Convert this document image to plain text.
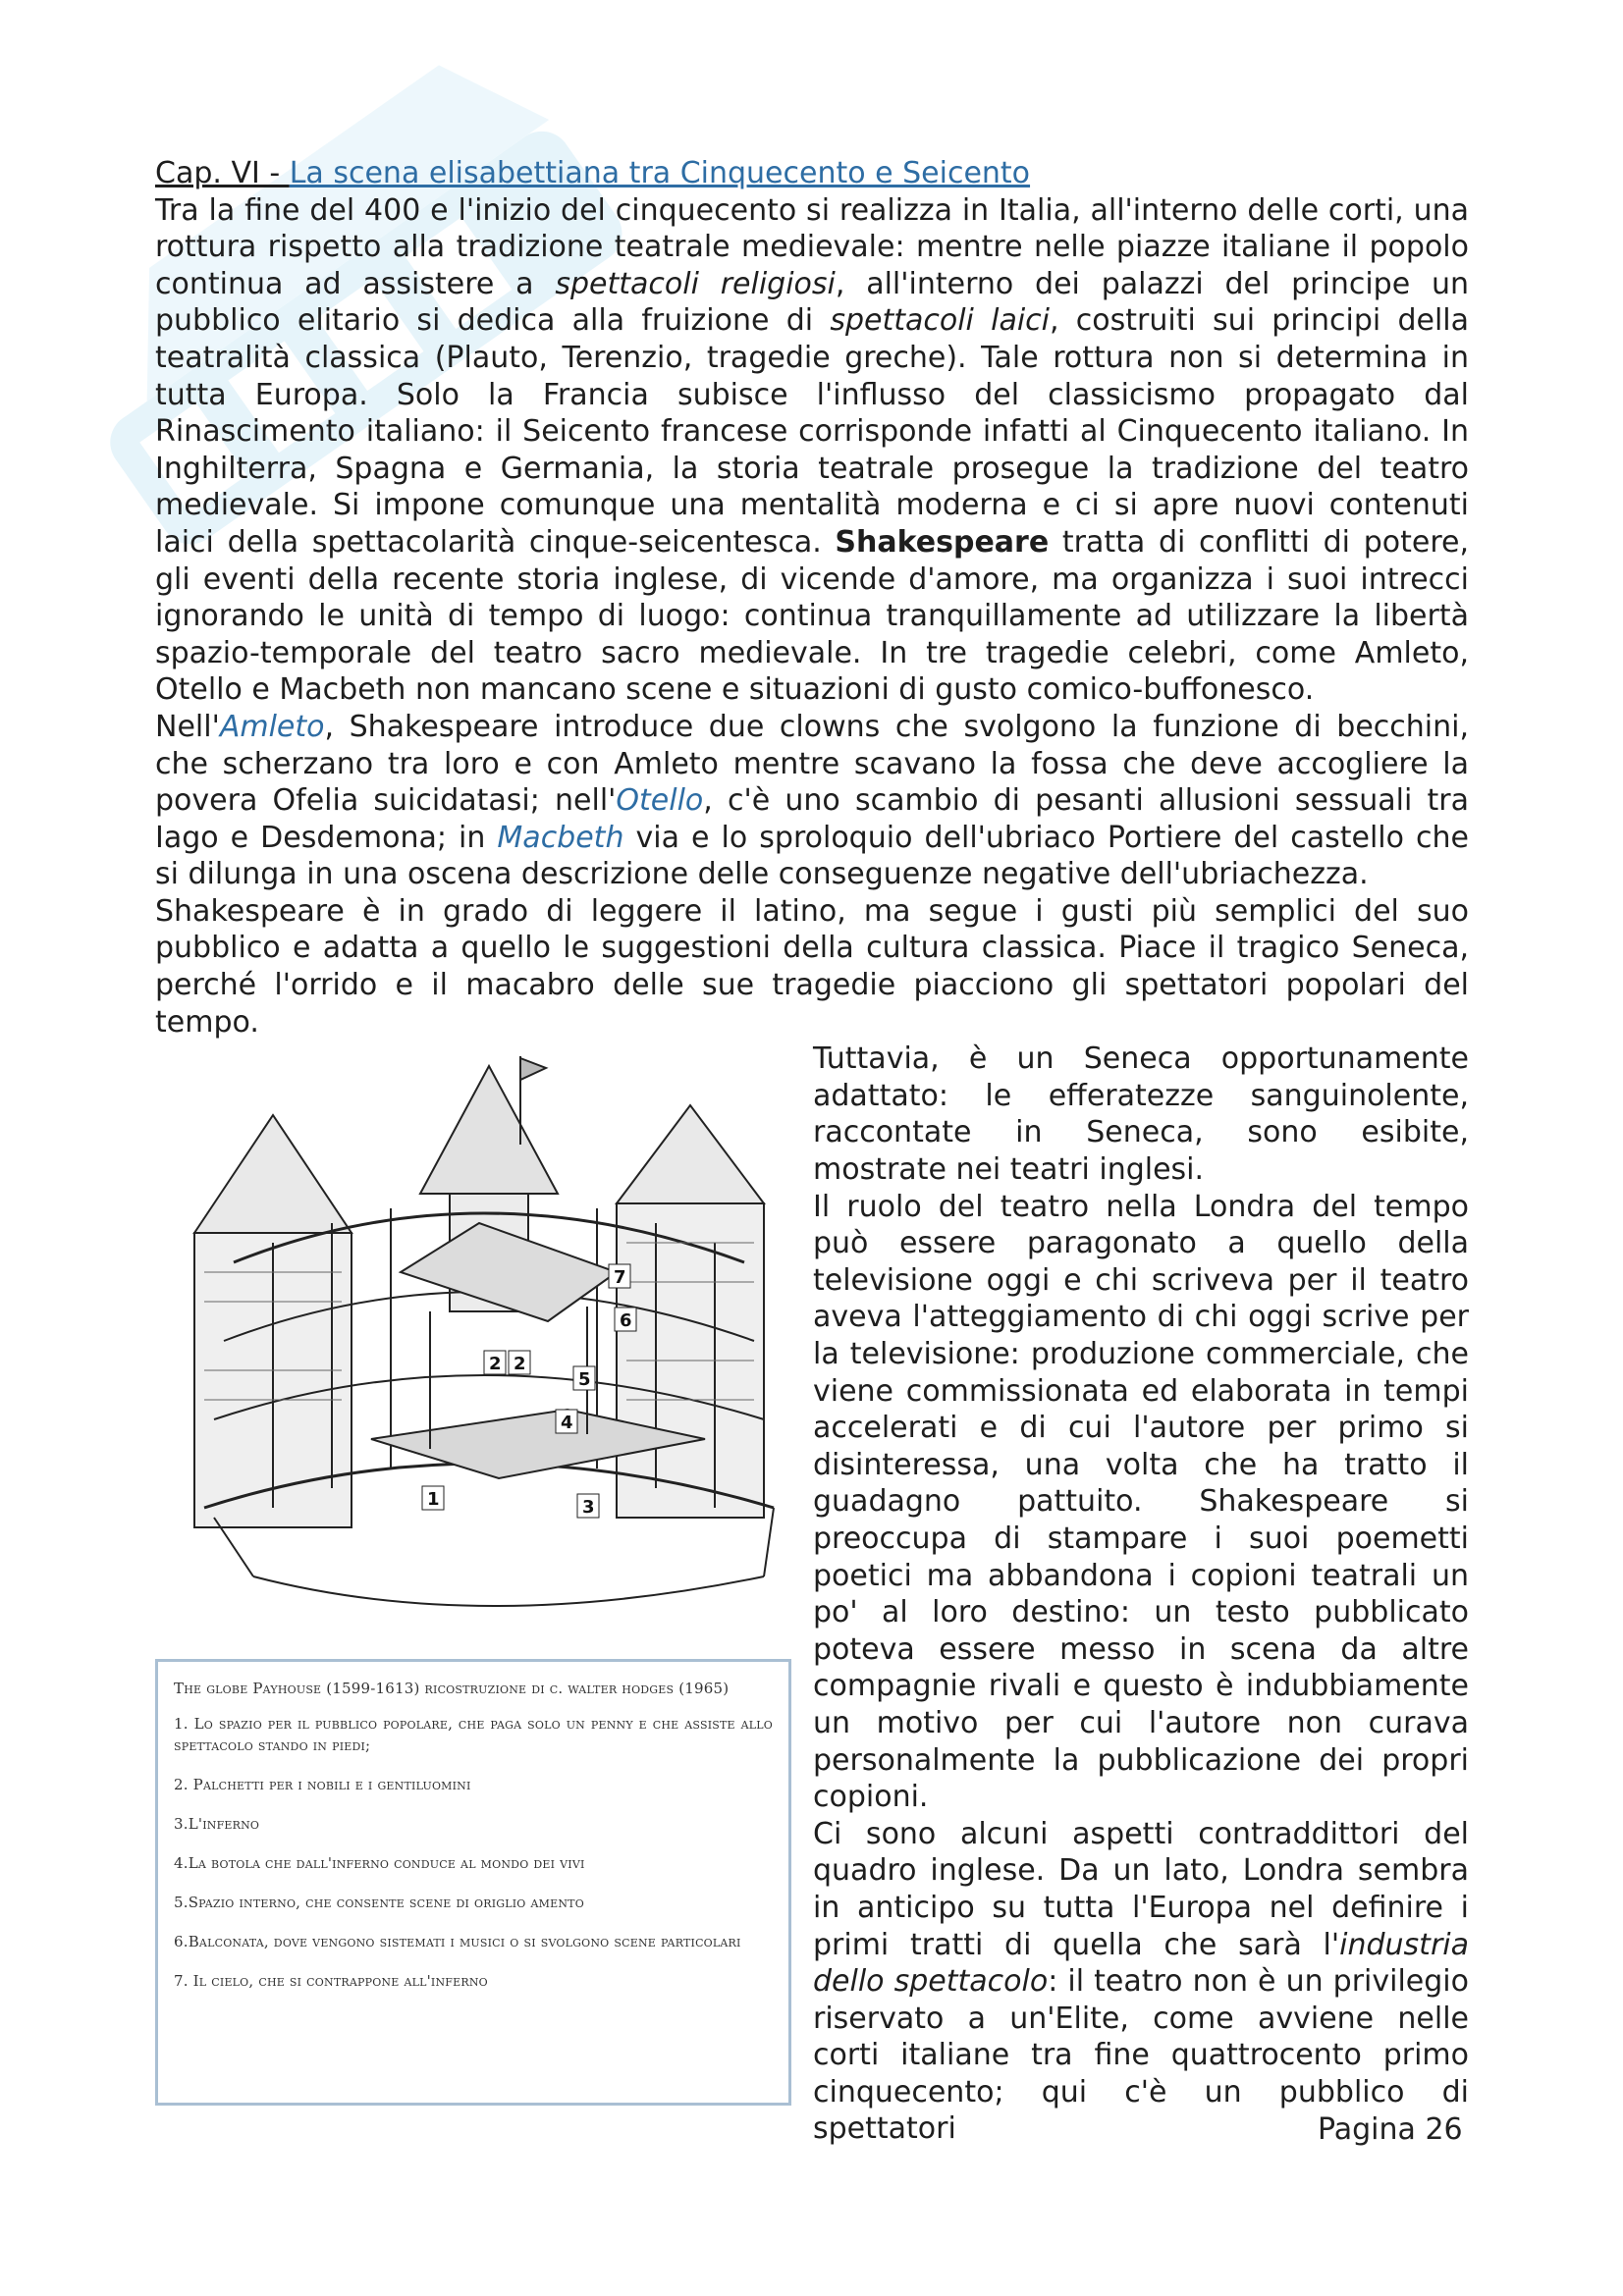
Cap. VI - La scena elisabettiana tra Cinquecento e Seicento

Tra la fine del 400 e l'inizio del cinquecento si realizza in Italia, all'interno delle corti, una rottura rispetto alla tradizione teatrale medievale: mentre nelle piazze italiane il popolo continua ad assistere a spettacoli religiosi, all'interno dei palazzi del principe un pubblico elitario si dedica alla fruizione di spettacoli laici, costruiti sui principi della teatralità classica (Plauto, Terenzio, tragedie greche). Tale rottura non si determina in tutta Europa. Solo la Francia subisce l'influsso del classicismo propagato dal Rinascimento italiano: il Seicento francese corrisponde infatti al Cinquecento italiano. In Inghilterra, Spagna e Germania, la storia teatrale prosegue la tradizione del teatro medievale. Si impone comunque una mentalità moderna e ci si apre nuovi contenuti laici della spettacolarità cinque-seicentesca. Shakespeare tratta di conflitti di potere, gli eventi della recente storia inglese, di vicende d'amore, ma organizza i suoi intrecci ignorando le unità di tempo di luogo: continua tranquillamente ad utilizzare la libertà spazio-temporale del teatro sacro medievale. In tre tragedie celebri, come Amleto, Otello e Macbeth non mancano scene e situazioni di gusto comico-buffonesco.

Nell'Amleto, Shakespeare introduce due clowns che svolgono la funzione di becchini, che scherzano tra loro e con Amleto mentre scavano la fossa che deve accogliere la povera Ofelia suicidatasi; nell'Otello, c'è uno scambio di pesanti allusioni sessuali tra Iago e Desdemona; in Macbeth via e lo sproloquio dell'ubriaco Portiere del castello che si dilunga in una oscena descrizione delle conseguenze negative dell'ubriachezza.

Shakespeare è in grado di leggere il latino, ma segue i gusti più semplici del suo pubblico e adatta a quello le suggestioni della cultura classica. Piace il tragico Seneca, perché l'orrido e il macabro delle sue tragedie piacciono gli spettatori popolari del tempo.

1
2 2
3
4
5
6
7

The globe Payhouse (1599-1613) ricostruzione di c. walter hodges (1965)

1. Lo spazio per il pubblico popolare, che paga solo un penny e che assiste allo spettacolo stando in piedi;

2. Palchetti per i nobili e i gentiluomini

3.L'inferno

4.La botola che dall'inferno conduce al mondo dei vivi

5.Spazio interno, che consente scene di origlio amento

6.Balconata, dove vengono sistemati i musici o si svolgono scene particolari

7. Il cielo, che si contrappone all'inferno

Tuttavia, è un Seneca opportunamente adattato: le efferatezze sanguinolente, raccontate in Seneca, sono esibite, mostrate nei teatri inglesi.

Il ruolo del teatro nella Londra del tempo può essere paragonato a quello della televisione oggi e chi scriveva per il teatro aveva l'atteggiamento di chi oggi scrive per la televisione: produzione commerciale, che viene commissionata ed elaborata in tempi accelerati e di cui l'autore per primo si disinteressa, una volta che ha tratto il guadagno pattuito. Shakespeare si preoccupa di stampare i suoi poemetti poetici ma abbandona i copioni teatrali un po' al loro destino: un testo pubblicato poteva essere messo in scena da altre compagnie rivali e questo è indubbiamente un motivo per cui l'autore non curava personalmente la pubblicazione dei propri copioni.

Ci sono alcuni aspetti contraddittori del quadro inglese. Da un lato, Londra sembra in anticipo su tutta l'Europa nel definire i primi tratti di quella che sarà l'industria dello spettacolo: il teatro non è un privilegio riservato a un'Elite, come avviene nelle corti italiane tra fine quattrocento primo cinquecento; qui c'è un pubblico di spettatori	Pagina 26
